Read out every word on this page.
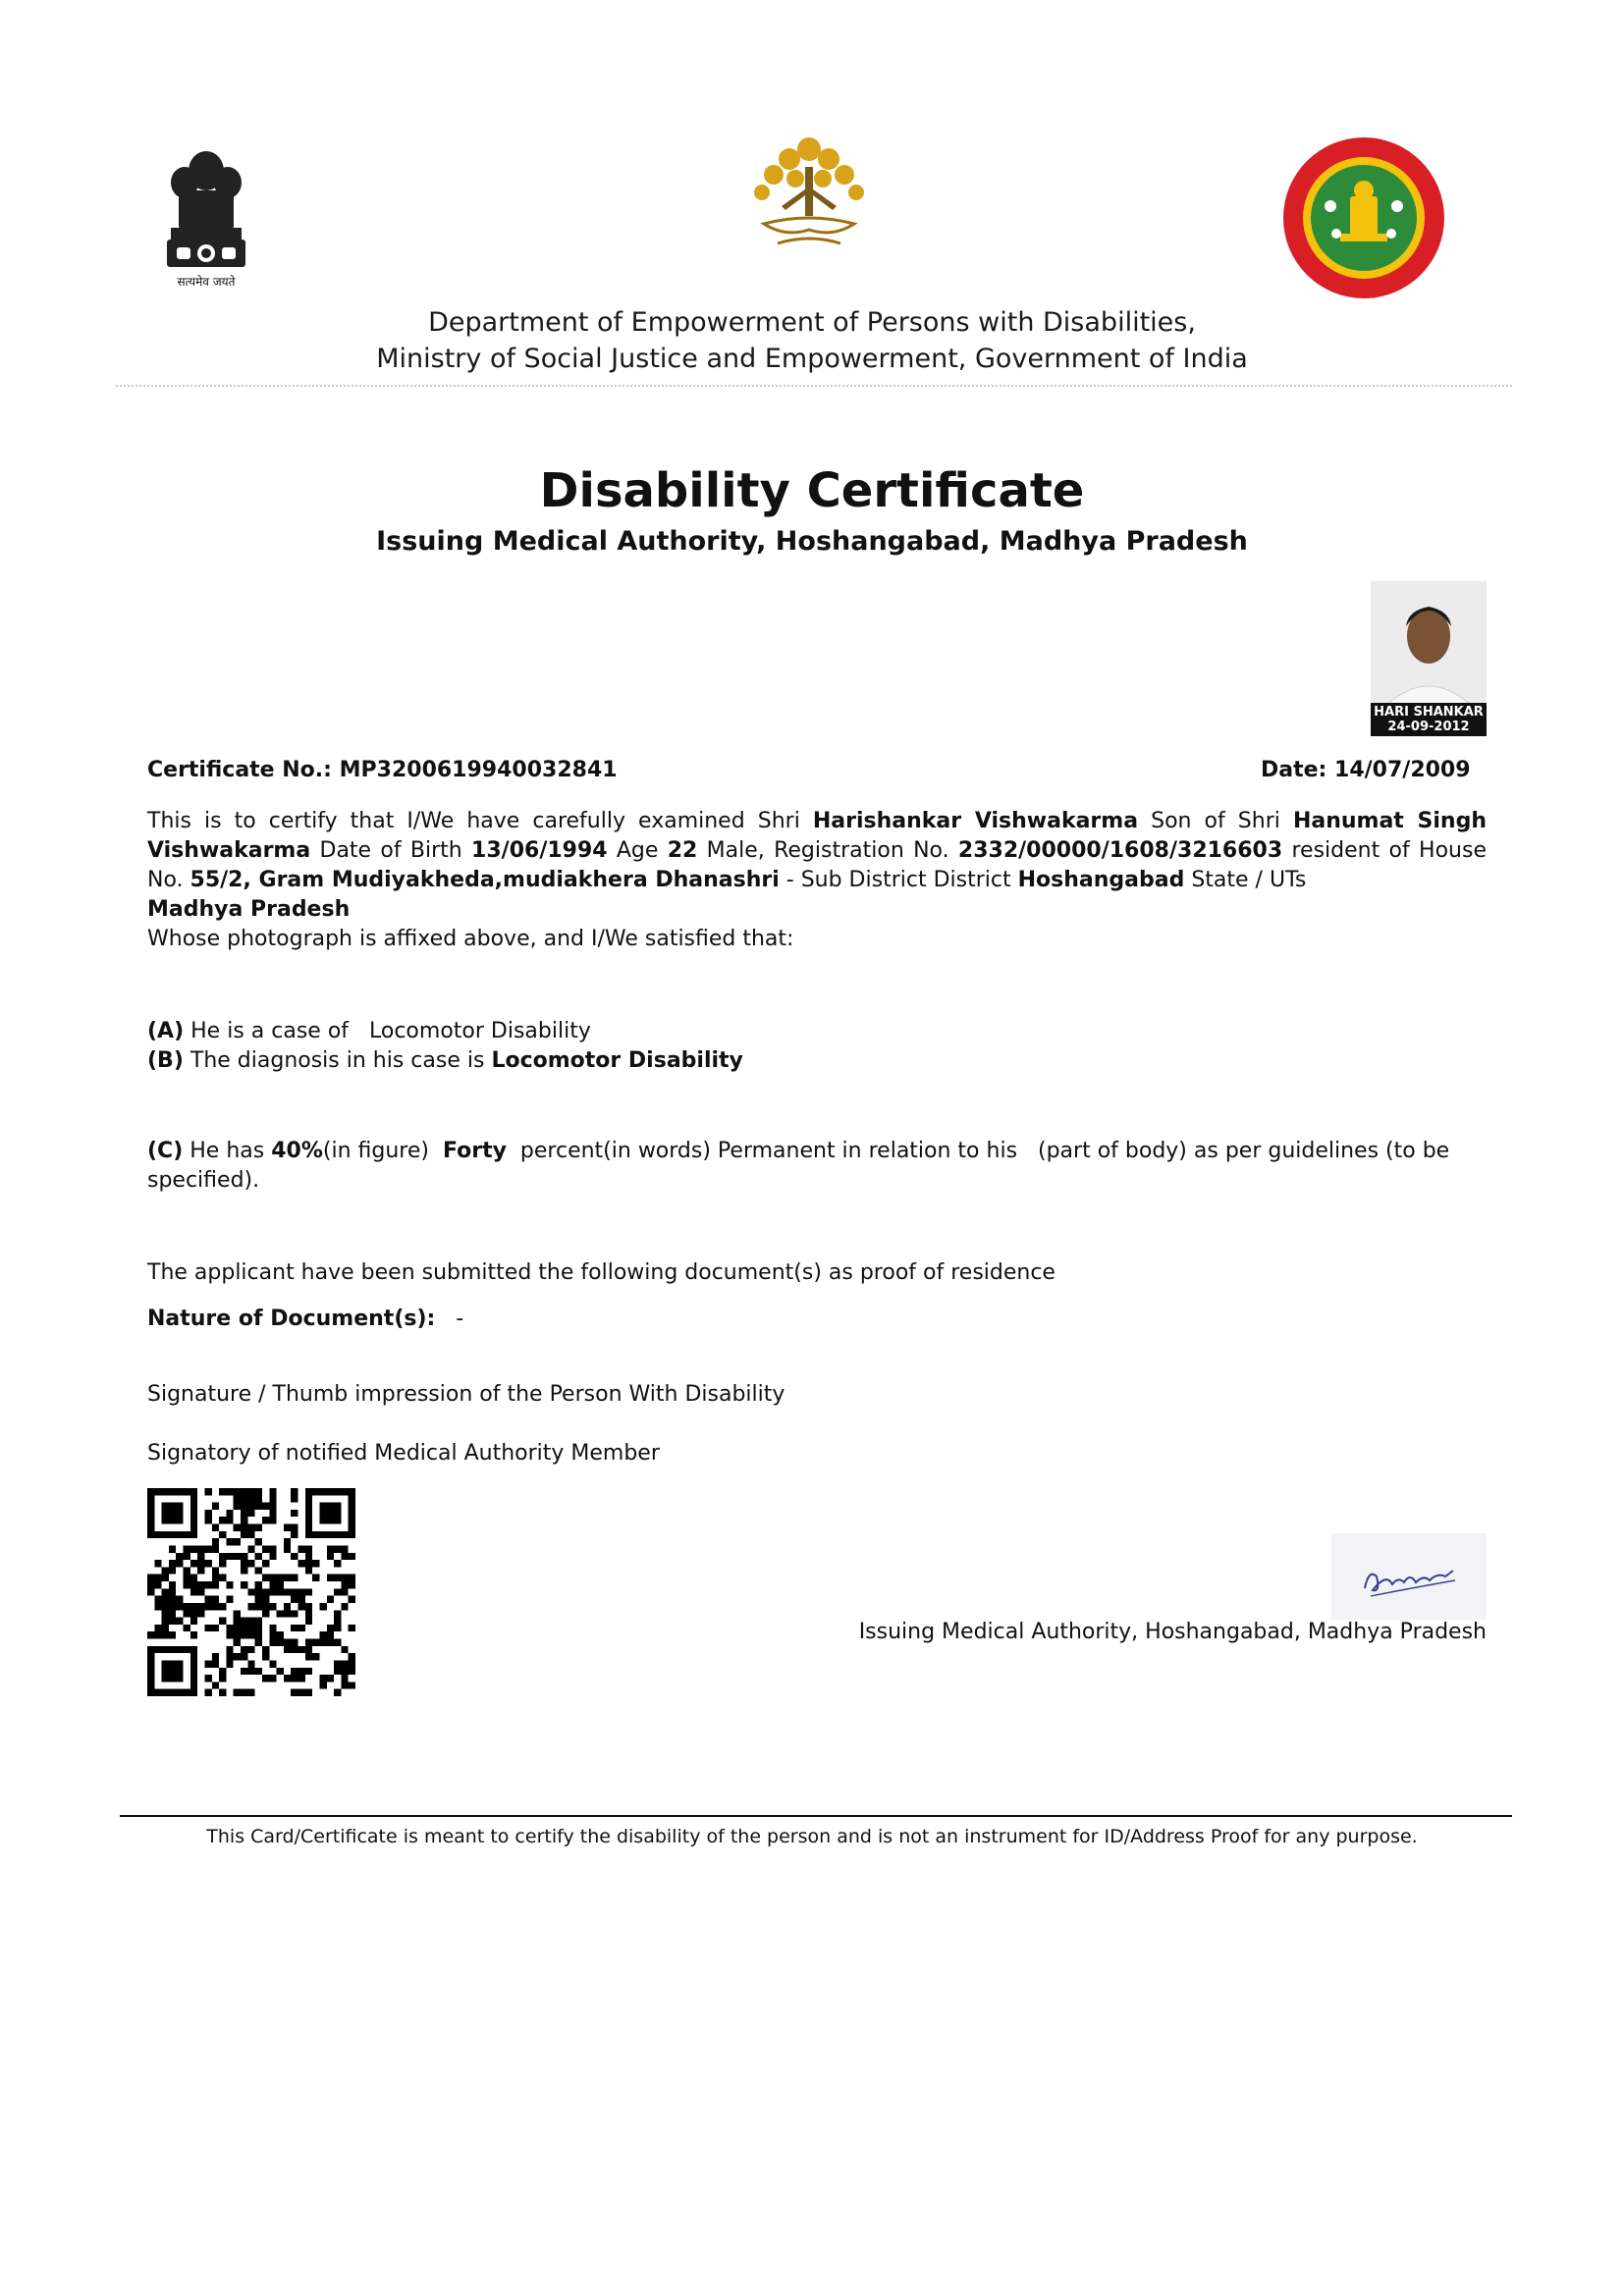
सत्यमेव जयते
Department of Empowerment of Persons with Disabilities,
Ministry of Social Justice and Empowerment, Government of India
Disability Certificate
Issuing Medical Authority, Hoshangabad, Madhya Pradesh
HARI SHANKAR
24-09-2012
Certificate No.: MP3200619940032841	Date: 14/07/2009
This is to certify that I/We have carefully examined Shri Harishankar Vishwakarma Son of Shri Hanumat Singh Vishwakarma Date of Birth 13/06/1994 Age 22 Male, Registration No. 2332/00000/1608/3216603 resident of House No. 55/2, Gram Mudiyakheda,mudiakhera Dhanashri - Sub District District Hoshangabad State / UTs
Madhya Pradesh
Whose photograph is affixed above, and I/We satisfied that:
(A) He is a case of   Locomotor Disability
(B) The diagnosis in his case is Locomotor Disability
(C) He has 40%(in figure)  Forty  percent(in words) Permanent in relation to his   (part of body) as per guidelines (to be specified).
The applicant have been submitted the following document(s) as proof of residence
Nature of Document(s):   -
Signature / Thumb impression of the Person With Disability
Signatory of notified Medical Authority Member
Issuing Medical Authority, Hoshangabad, Madhya Pradesh
This Card/Certificate is meant to certify the disability of the person and is not an instrument for ID/Address Proof for any purpose.
